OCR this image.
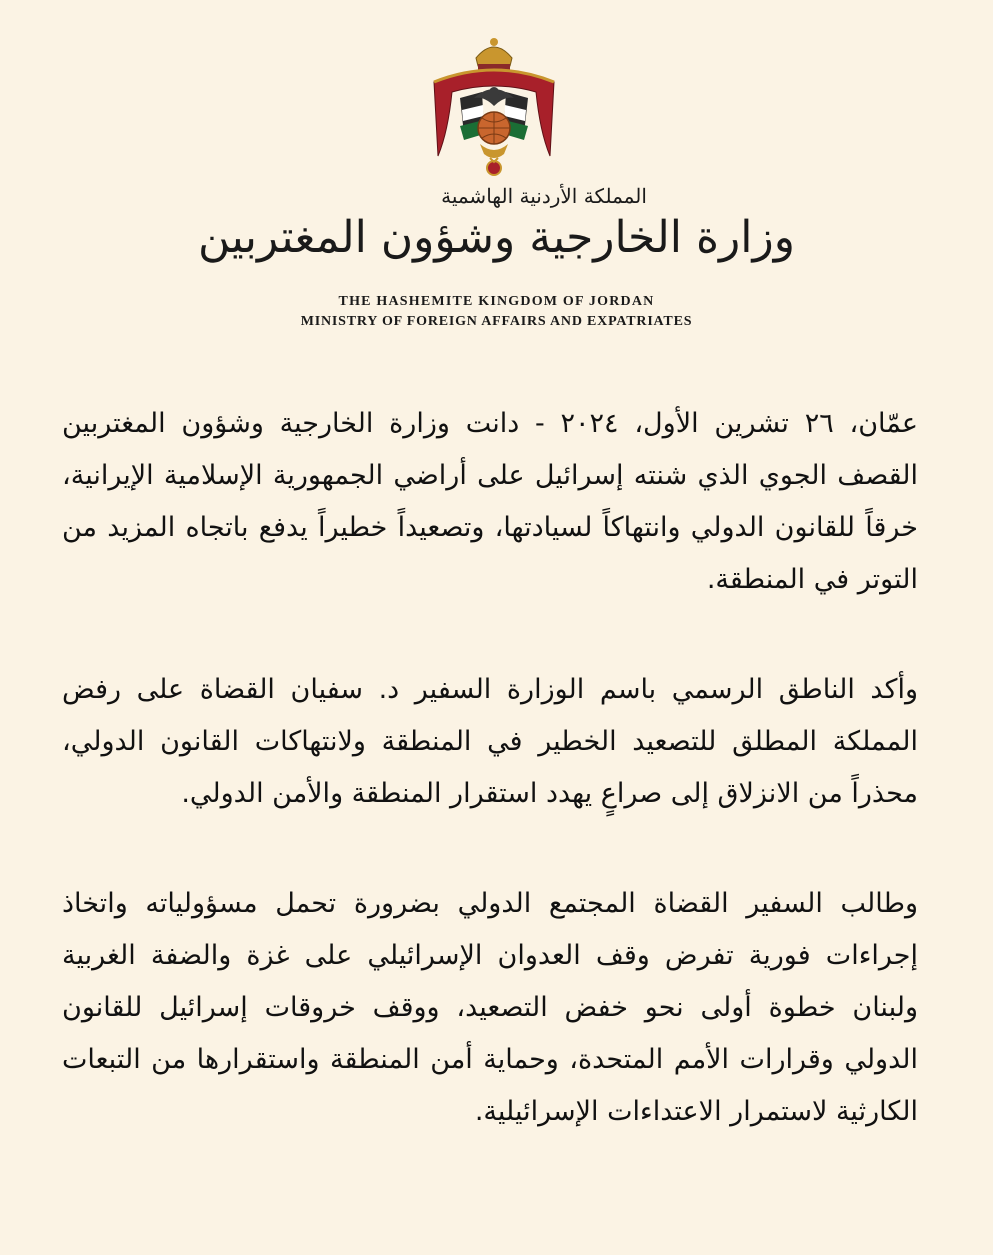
المملكة الأردنية الهاشمية
وزارة الخارجية وشؤون المغتربين
THE HASHEMITE KINGDOM OF JORDAN
MINISTRY OF FOREIGN AFFAIRS AND EXPATRIATES

عمّان، ٢٦ تشرين الأول، ٢٠٢٤ - دانت وزارة الخارجية وشؤون المغتربين القصف الجوي الذي شنته إسرائيل على أراضي الجمهورية الإسلامية الإيرانية، خرقاً للقانون الدولي وانتهاكاً لسيادتها، وتصعيداً خطيراً يدفع باتجاه المزيد من التوتر في المنطقة.

وأكد الناطق الرسمي باسم الوزارة السفير د. سفيان القضاة على رفض المملكة المطلق للتصعيد الخطير في المنطقة ولانتهاكات القانون الدولي، محذراً من الانزلاق إلى صراعٍ يهدد استقرار المنطقة والأمن الدولي.

وطالب السفير القضاة المجتمع الدولي بضرورة تحمل مسؤولياته واتخاذ إجراءات فورية تفرض وقف العدوان الإسرائيلي على غزة والضفة الغربية ولبنان خطوة أولى نحو خفض التصعيد، ووقف خروقات إسرائيل للقانون الدولي وقرارات الأمم المتحدة، وحماية أمن المنطقة واستقرارها من التبعات الكارثية لاستمرار الاعتداءات الإسرائيلية.
